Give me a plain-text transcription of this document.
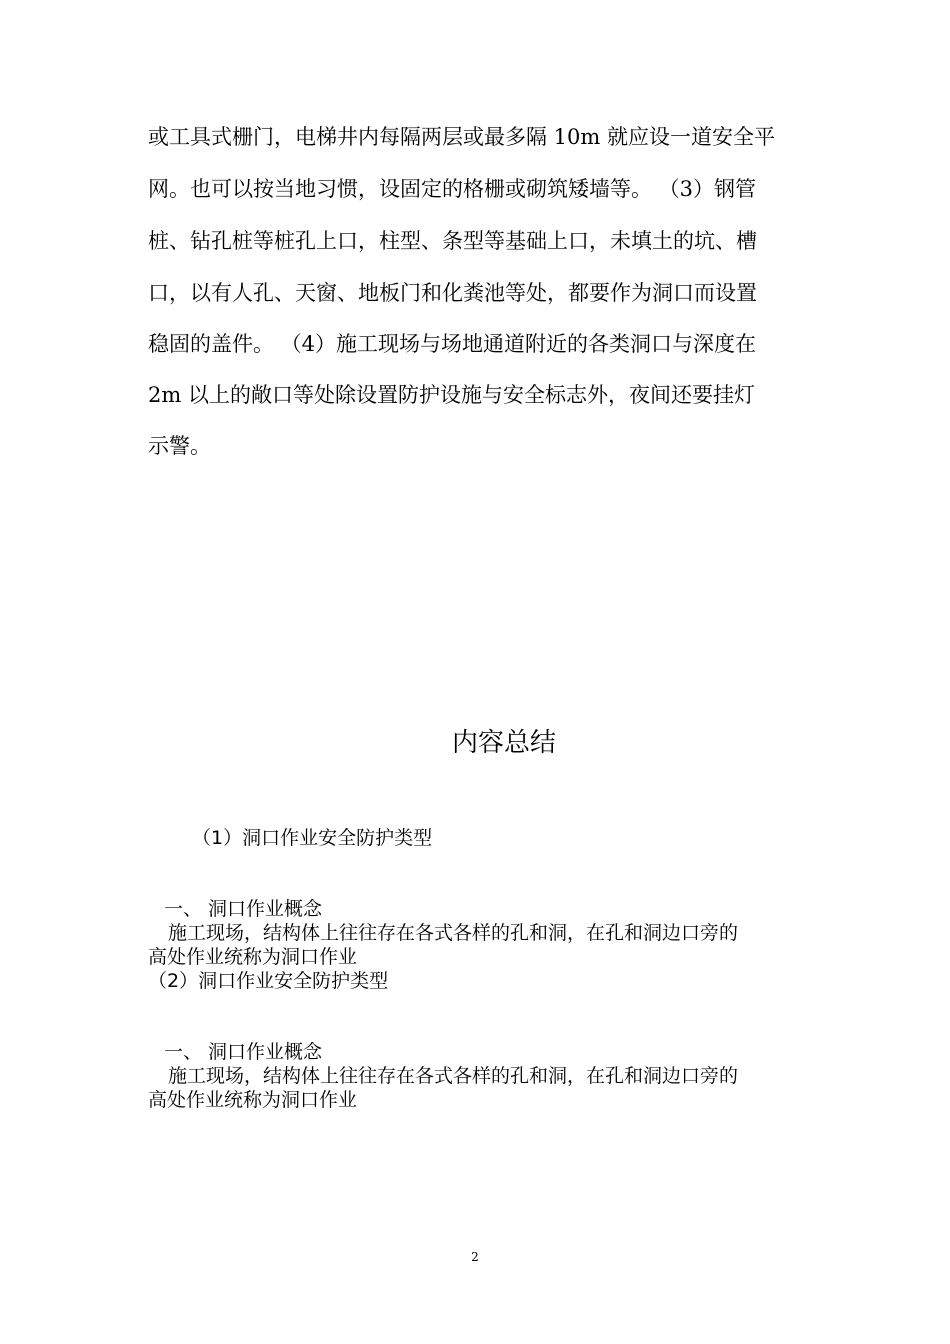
或工具式栅门，电梯井内每隔两层或最多隔 10m 就应设一道安全平
网。也可以按当地习惯，设固定的格栅或砌筑矮墙等。 （3）钢管
桩、钻孔桩等桩孔上口，柱型、条型等基础上口，未填土的坑、槽
口，以有人孔、天窗、地板门和化粪池等处，都要作为洞口而设置
稳固的盖件。 （4）施工现场与场地通道附近的各类洞口与深度在
2m 以上的敞口等处除设置防护设施与安全标志外，夜间还要挂灯
示警。
内容总结
（1）洞口作业安全防护类型
一、 洞口作业概念
施工现场，结构体上往往存在各式各样的孔和洞，在孔和洞边口旁的
高处作业统称为洞口作业
（2）洞口作业安全防护类型
一、 洞口作业概念
施工现场，结构体上往往存在各式各样的孔和洞，在孔和洞边口旁的
高处作业统称为洞口作业
2
